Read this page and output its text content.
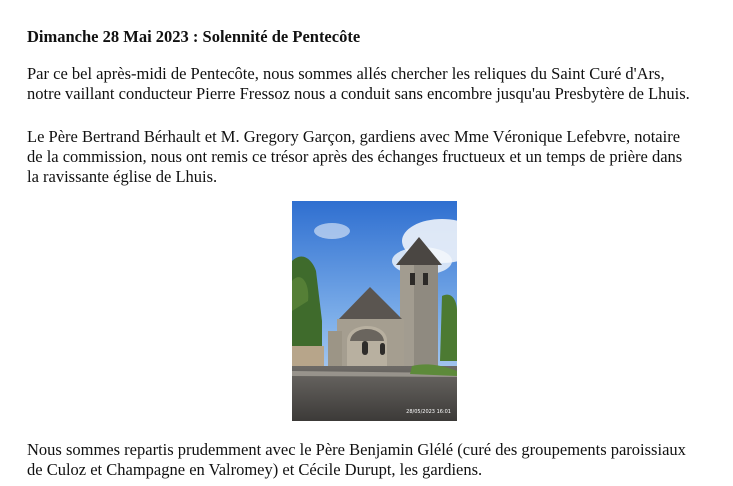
Dimanche 28 Mai 2023 : Solennité de Pentecôte

Par ce bel après-midi de Pentecôte, nous sommes allés chercher les reliques du Saint Curé d'Ars,
notre vaillant conducteur Pierre Fressoz nous a conduit sans encombre jusqu'au Presbytère de Lhuis.

Le Père Bertrand Bérhault et M. Gregory Garçon, gardiens avec Mme Véronique Lefebvre, notaire
de la commission, nous ont remis ce trésor après des échanges fructueux et un temps de prière dans
la ravissante église de Lhuis.

28/05/2023 16:01

Nous sommes repartis prudemment avec le Père Benjamin Glélé (curé des groupements paroissiaux
de Culoz et Champagne en Valromey) et Cécile Durupt, les gardiens.
